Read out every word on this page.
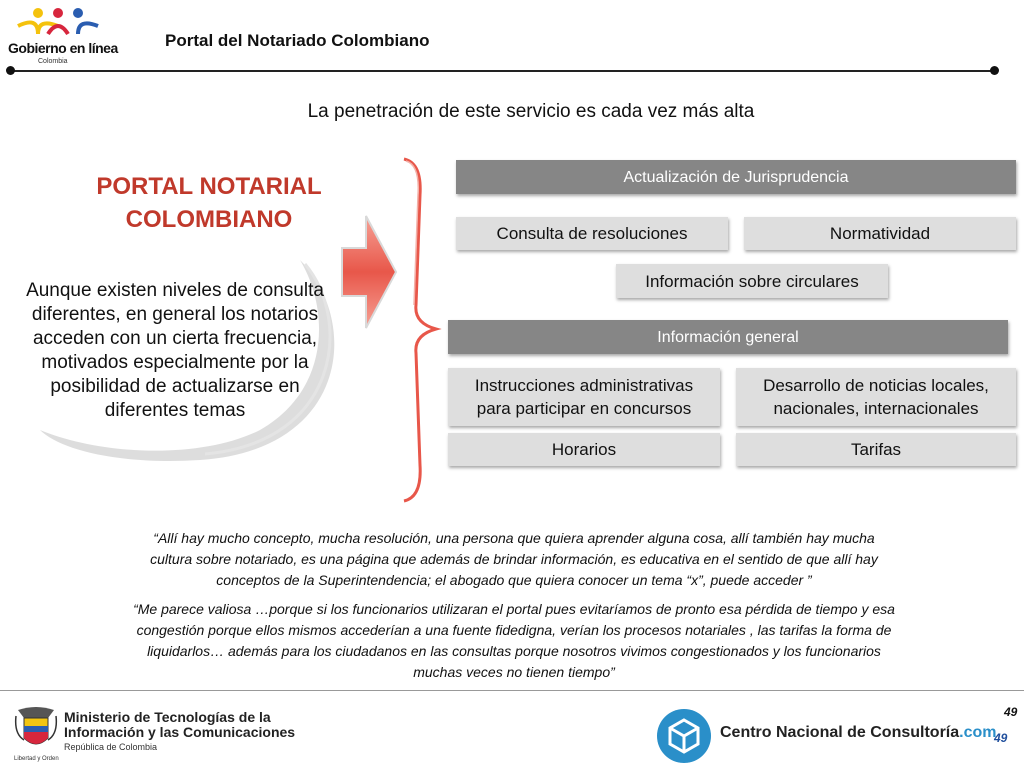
Gobierno en línea
Colombia
Portal del Notariado Colombiano
La penetración de este servicio es cada vez más alta
PORTAL NOTARIAL
COLOMBIANO
Aunque existen niveles de consulta diferentes, en general los notarios acceden con un cierta frecuencia, motivados especialmente por la posibilidad de actualizarse en diferentes temas
Actualización de Jurisprudencia
Consulta de resoluciones	Normatividad
Información sobre circulares
Información general
Instrucciones administrativas
para participar en concursos
Desarrollo de noticias locales,
nacionales, internacionales
Horarios	Tarifas
“Allí hay mucho concepto, mucha resolución, una persona que quiera aprender alguna cosa, allí también hay mucha
cultura sobre notariado, es una página que además de brindar información, es educativa en el sentido de que allí hay
conceptos de la Superintendencia; el abogado que quiera conocer un tema “x”, puede acceder ”
“Me parece valiosa …porque si los funcionarios utilizaran el portal pues evitaríamos de pronto esa pérdida de tiempo y esa
congestión porque ellos mismos accederían a una fuente fidedigna, verían los procesos notariales , las tarifas la forma de
liquidarlos… además para los ciudadanos en las consultas porque nosotros vivimos congestionados y los funcionarios
muchas veces no tienen tiempo”
49
49
Libertad y Orden
Ministerio de Tecnologías de la
Información y las Comunicaciones
República de Colombia
Centro Nacional de Consultoría.com
